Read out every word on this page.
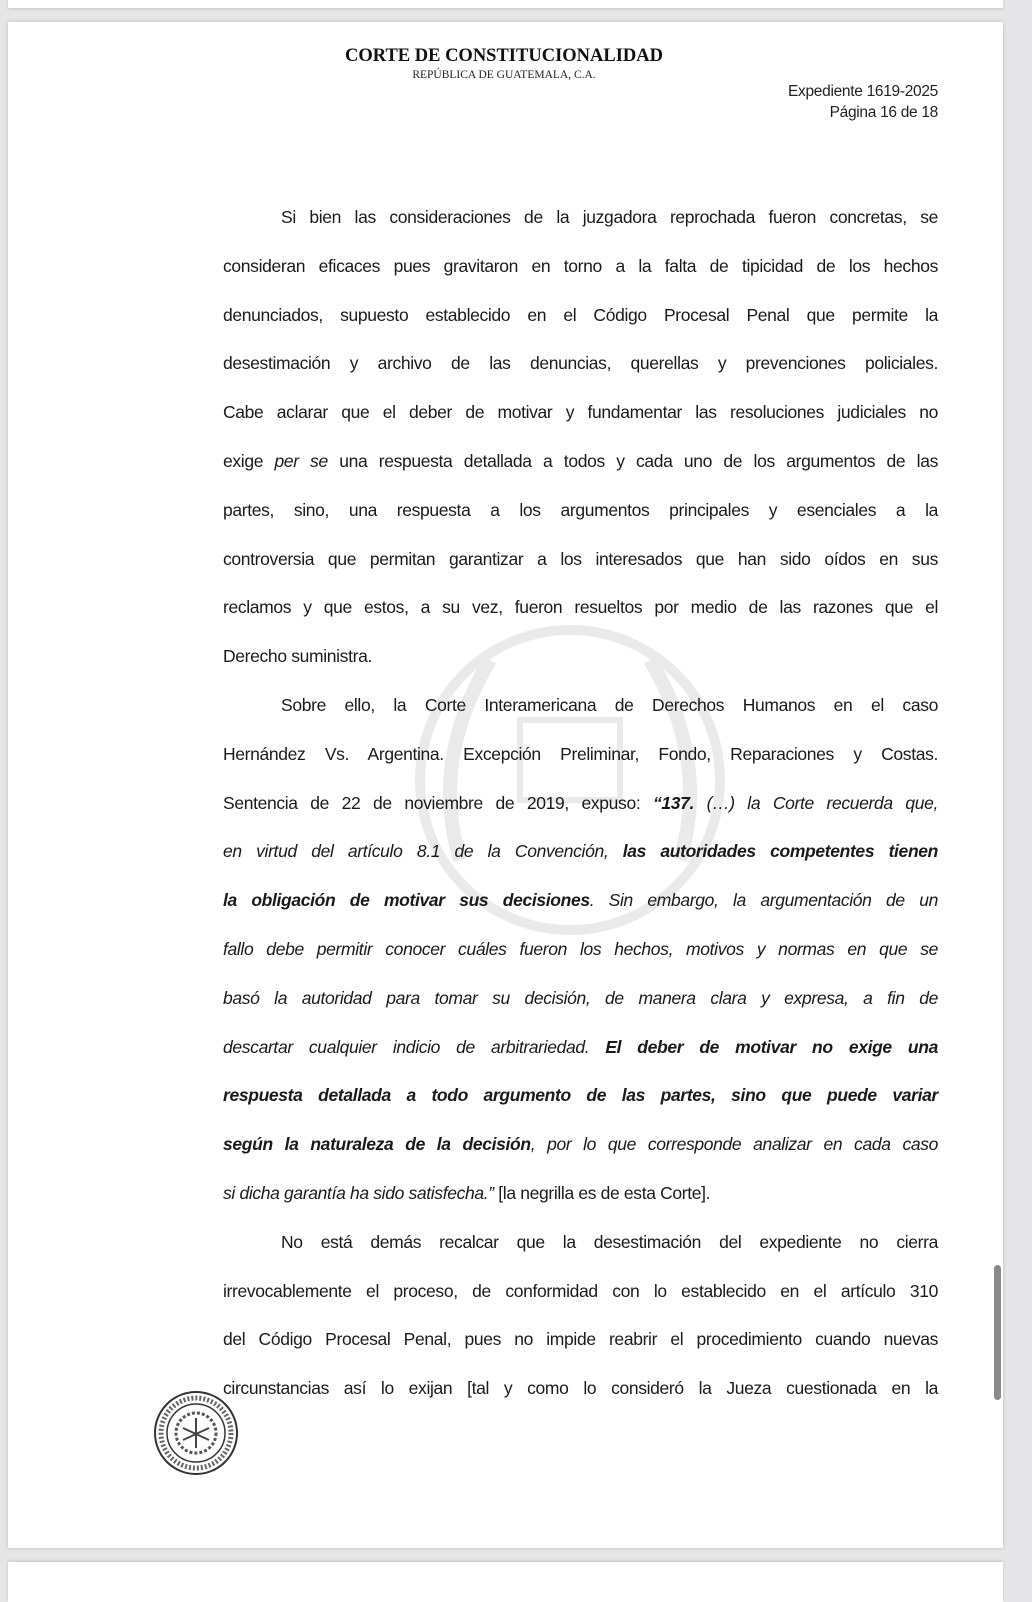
CORTE DE CONSTITUCIONALIDAD
REPÚBLICA DE GUATEMALA, C.A.
Expediente 1619-2025
Página 16 de 18
Si bien las consideraciones de la juzgadora reprochada fueron concretas, se
consideran eficaces pues gravitaron en torno a la falta de tipicidad de los hechos
denunciados, supuesto establecido en el Código Procesal Penal que permite la
desestimación y archivo de las denuncias, querellas y prevenciones policiales.
Cabe aclarar que el deber de motivar y fundamentar las resoluciones judiciales no
exige per se una respuesta detallada a todos y cada uno de los argumentos de las
partes, sino, una respuesta a los argumentos principales y esenciales a la
controversia que permitan garantizar a los interesados que han sido oídos en sus
reclamos y que estos, a su vez, fueron resueltos por medio de las razones que el
Derecho suministra.
Sobre ello, la Corte Interamericana de Derechos Humanos en el caso
Hernández Vs. Argentina. Excepción Preliminar, Fondo, Reparaciones y Costas.
Sentencia de 22 de noviembre de 2019, expuso: “137. (…) la Corte recuerda que,
en virtud del artículo 8.1 de la Convención, las autoridades competentes tienen
la obligación de motivar sus decisiones. Sin embargo, la argumentación de un
fallo debe permitir conocer cuáles fueron los hechos, motivos y normas en que se
basó la autoridad para tomar su decisión, de manera clara y expresa, a fin de
descartar cualquier indicio de arbitrariedad. El deber de motivar no exige una
respuesta detallada a todo argumento de las partes, sino que puede variar
según la naturaleza de la decisión, por lo que corresponde analizar en cada caso
si dicha garantía ha sido satisfecha.” [la negrilla es de esta Corte].
No está demás recalcar que la desestimación del expediente no cierra
irrevocablemente el proceso, de conformidad con lo establecido en el artículo 310
del Código Procesal Penal, pues no impide reabrir el procedimiento cuando nuevas
circunstancias así lo exijan [tal y como lo consideró la Jueza cuestionada en la
